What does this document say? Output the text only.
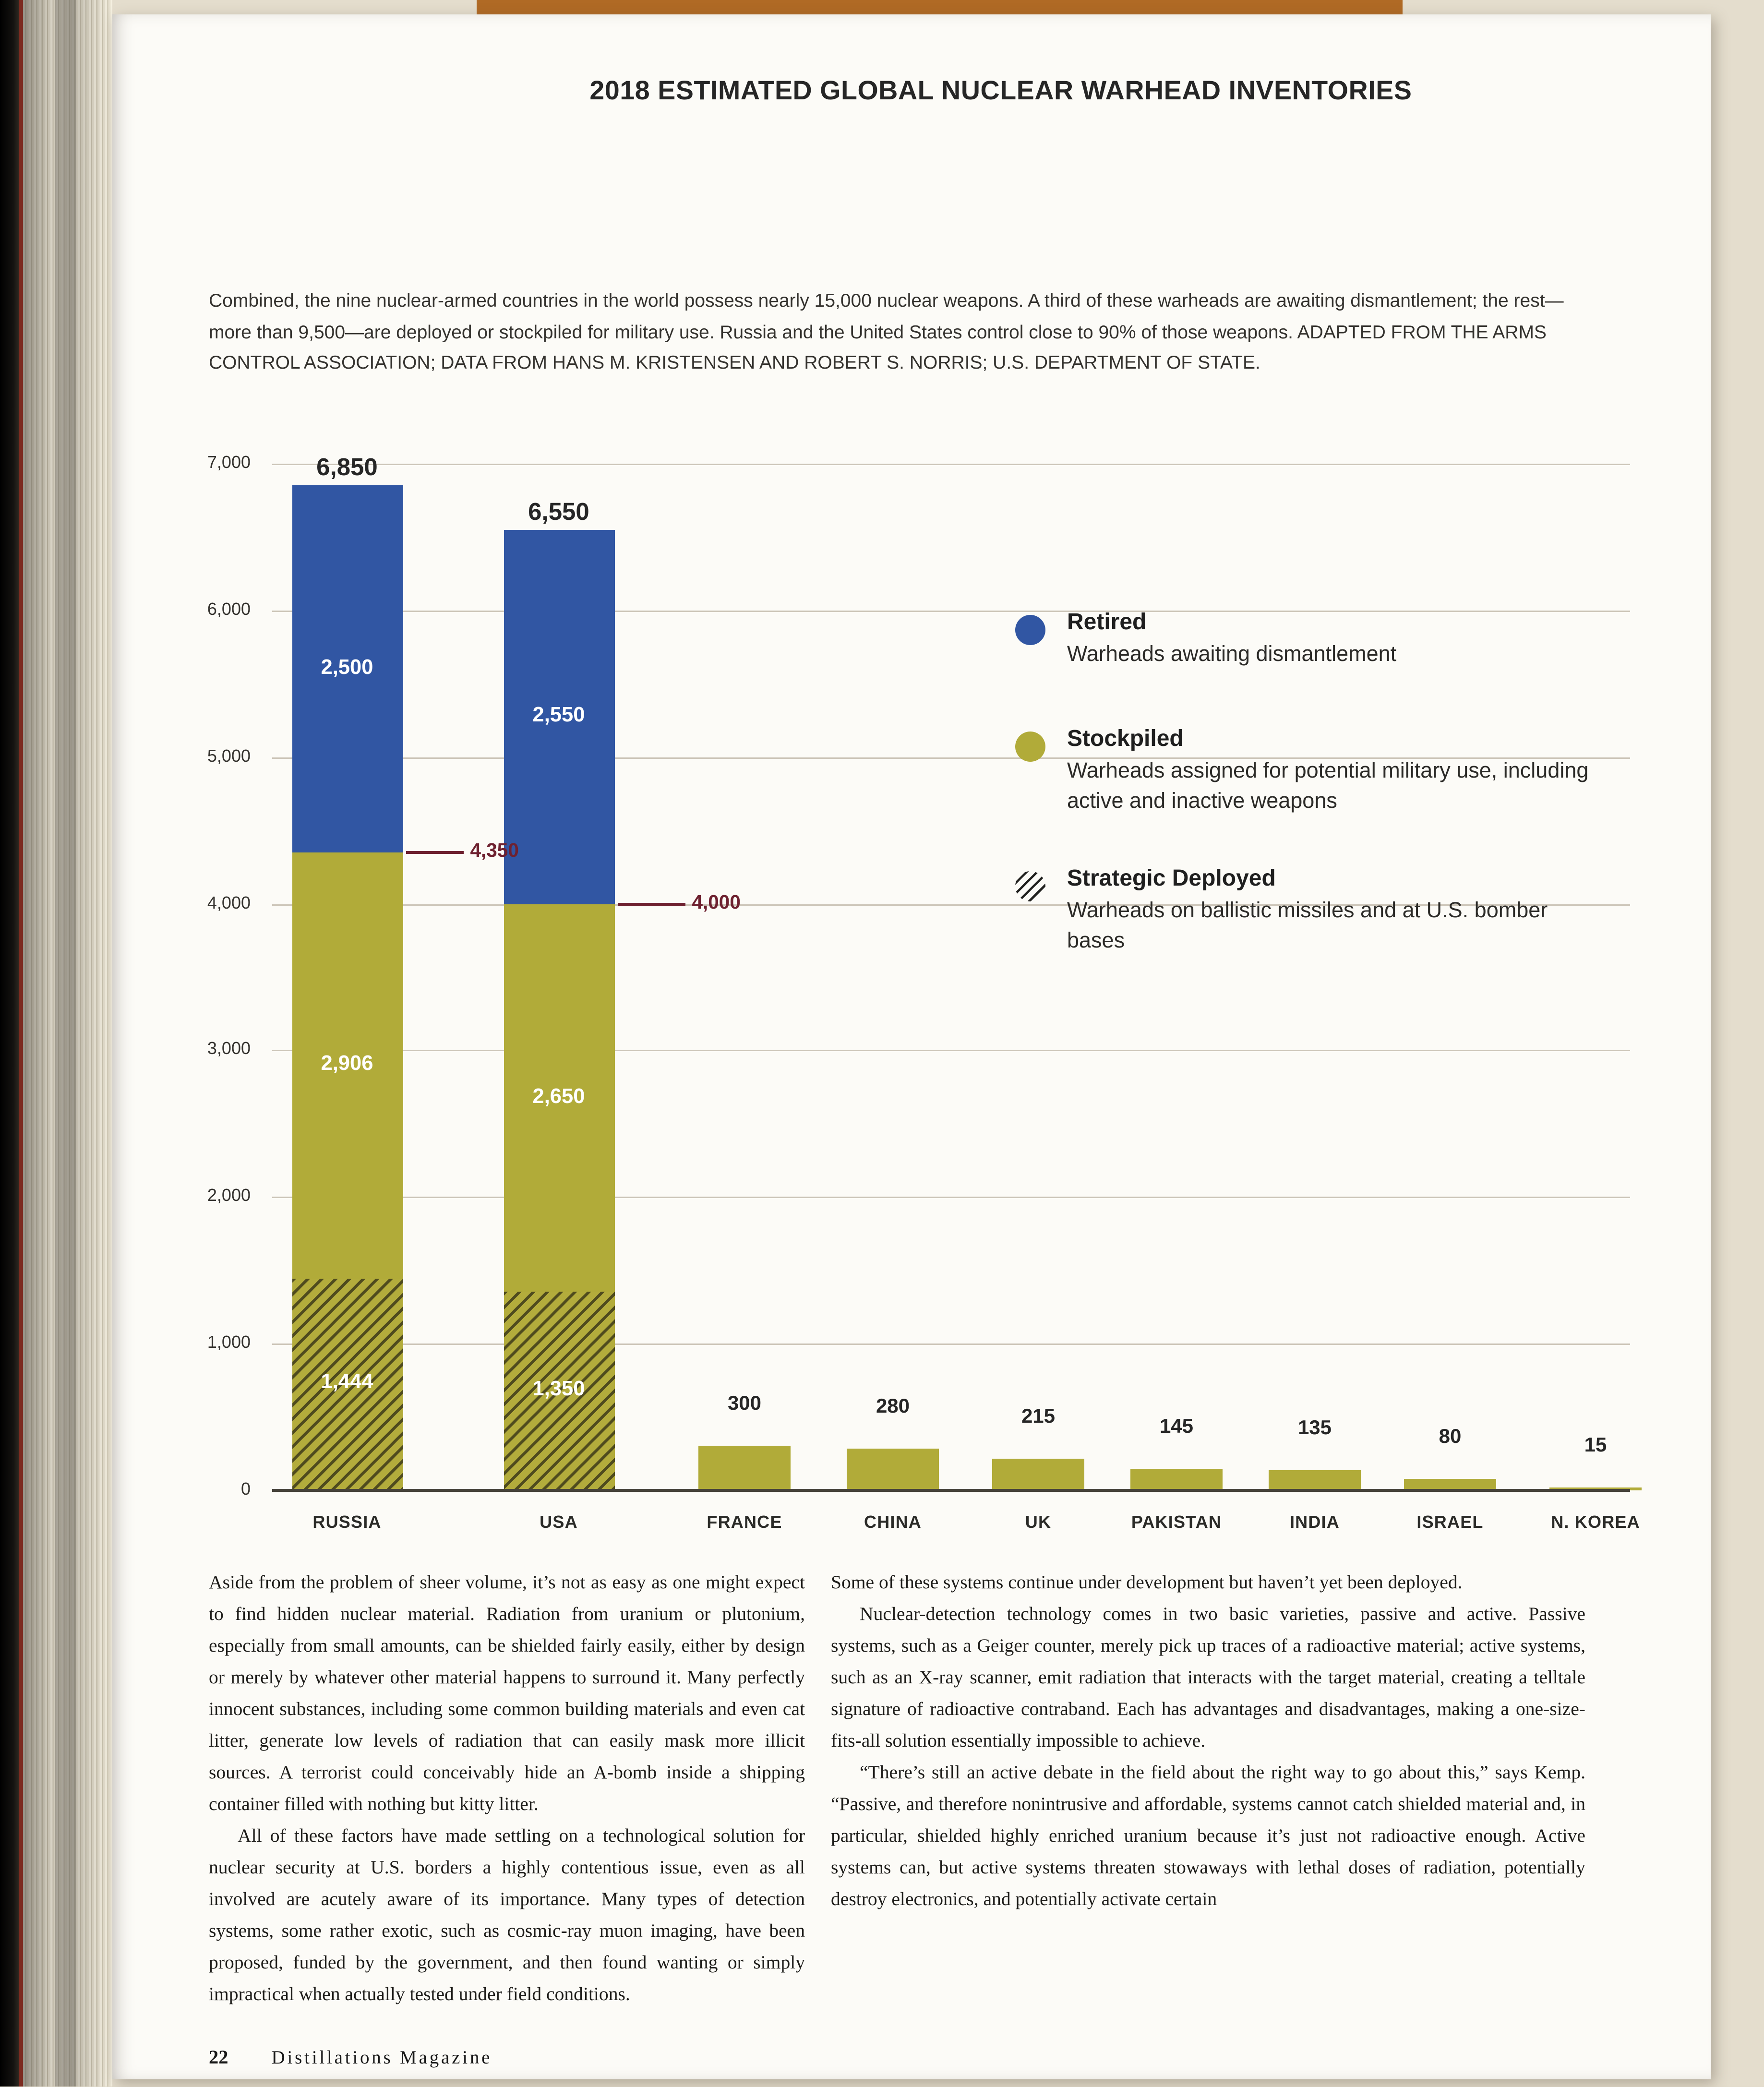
2018 ESTIMATED GLOBAL NUCLEAR WARHEAD INVENTORIES

Combined, the nine nuclear-armed countries in the world possess nearly 15,000 nuclear weapons. A third of these warheads are awaiting dismantlement; the rest—more than 9,500—are deployed or stockpiled for military use. Russia and the United States control close to 90% of those weapons. ADAPTED FROM THE ARMS CONTROL ASSOCIATION; DATA FROM HANS M. KRISTENSEN AND ROBERT S. NORRIS; U.S. DEPARTMENT OF STATE.

7,000
6,000
5,000
4,000
3,000
2,000
1,000
0
1,444
2,906
2,500
6,850
RUSSIA
1,350
2,650
2,550
6,550
USA
300
FRANCE
280
CHINA
215
UK
145
PAKISTAN
135
INDIA
80
ISRAEL
15
N. KOREA
4,350
4,000
Retired
Warheads awaiting dismantlement
Stockpiled
Warheads assigned for potential military use, including active and inactive weapons
Strategic Deployed
Warheads on ballistic missiles and at U.S. bomber bases

Aside from the problem of sheer volume, it’s not as easy as one might expect to find hidden nuclear material. Radiation from uranium or plutonium, especially from small amounts, can be shielded fairly easily, either by design or merely by whatever other material happens to surround it. Many perfectly innocent substances, including some common building materials and even cat litter, generate low levels of radiation that can easily mask more illicit sources. A terrorist could conceivably hide an A-bomb inside a shipping container filled with nothing but kitty litter.

All of these factors have made settling on a technological solution for nuclear security at U.S. borders a highly contentious issue, even as all involved are acutely aware of its importance. Many types of detection systems, some rather exotic, such as cosmic-ray muon imaging, have been proposed, funded by the government, and then found wanting or simply impractical when actually tested under field conditions.

Some of these systems continue under development but haven’t yet been deployed.

Nuclear-detection technology comes in two basic varieties, passive and active. Passive systems, such as a Geiger counter, merely pick up traces of a radioactive material; active systems, such as an X-ray scanner, emit radiation that interacts with the target material, creating a telltale signature of radioactive contraband. Each has advantages and disadvantages, making a one-size-fits-all solution essentially impossible to achieve.

“There’s still an active debate in the field about the right way to go about this,” says Kemp. “Passive, and therefore nonintrusive and affordable, systems cannot catch shielded material and, in particular, shielded highly enriched uranium because it’s just not radioactive enough. Active systems can, but active systems threaten stowaways with lethal doses of radiation, potentially destroy electronics, and potentially activate certain

22	Distillations Magazine
